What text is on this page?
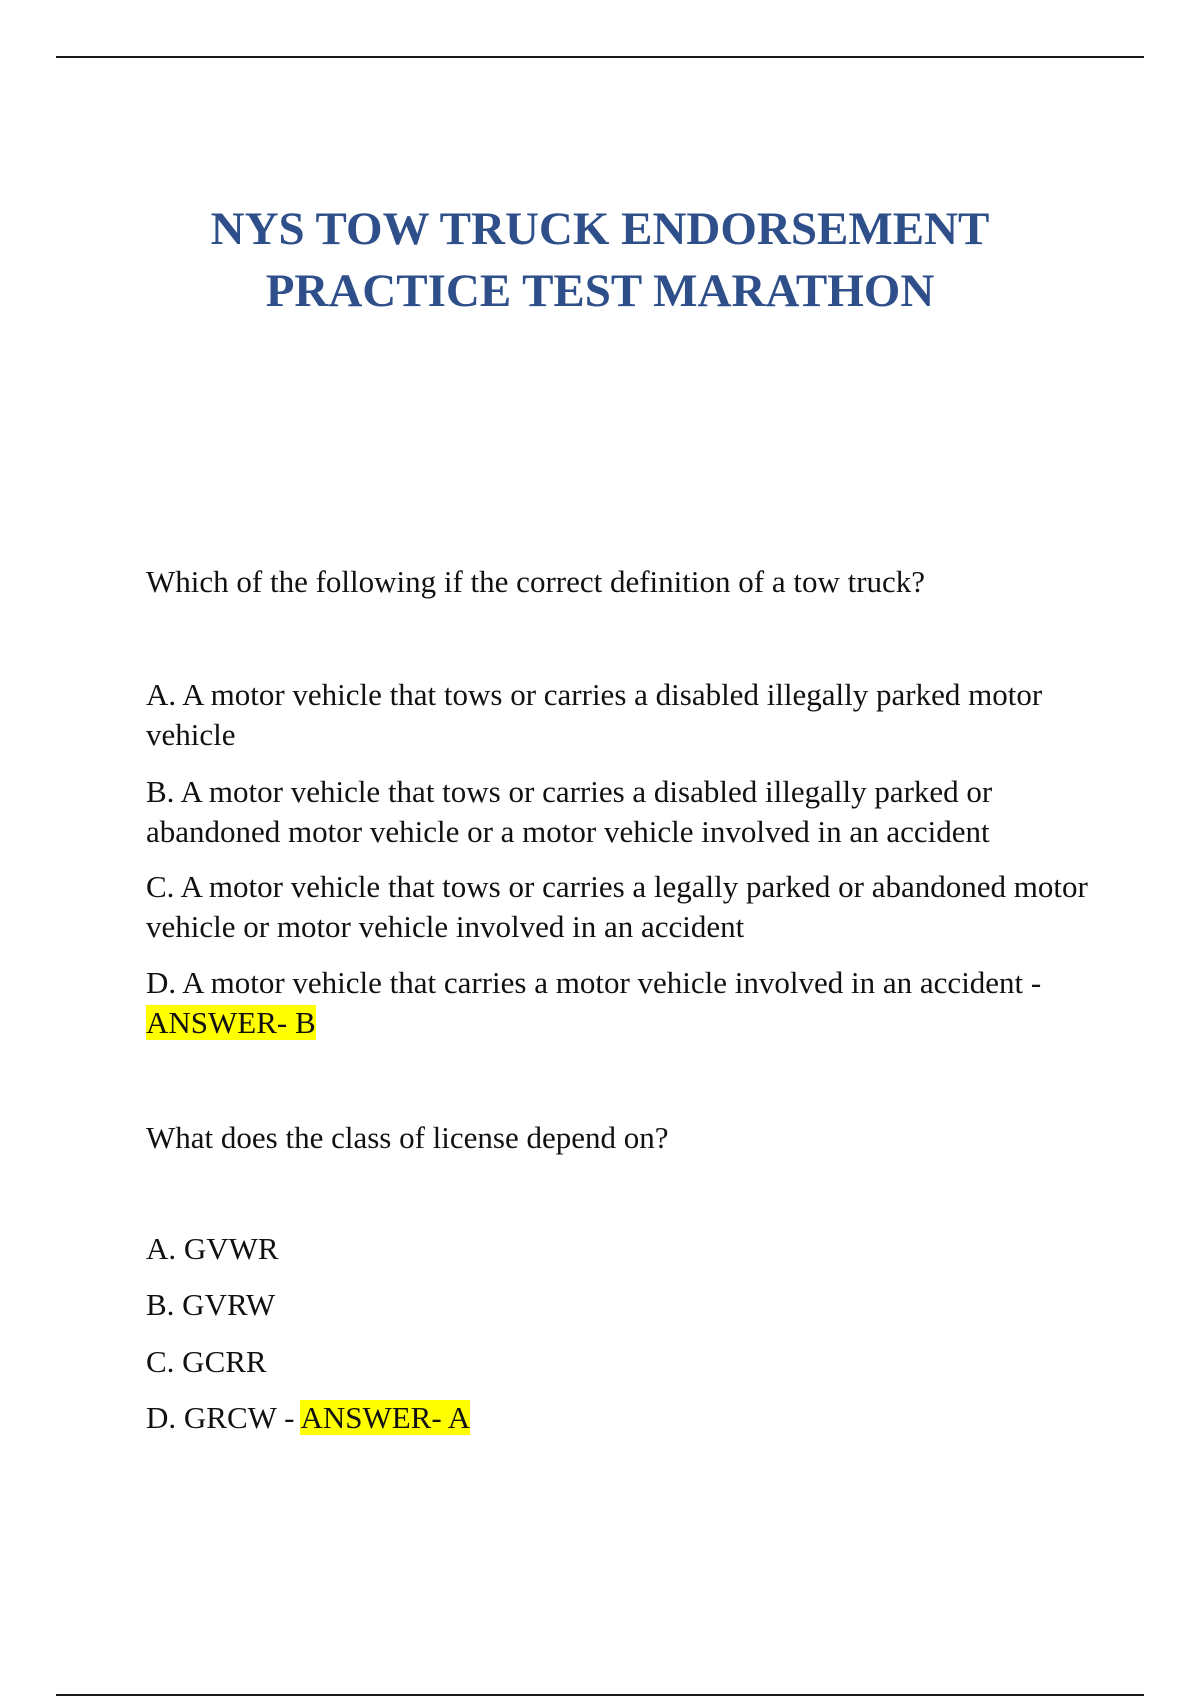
NYS TOW TRUCK ENDORSEMENT
PRACTICE TEST MARATHON

Which of the following if the correct definition of a tow truck?

A. A motor vehicle that tows or carries a disabled illegally parked motor vehicle

B. A motor vehicle that tows or carries a disabled illegally parked or abandoned motor vehicle or a motor vehicle involved in an accident

C. A motor vehicle that tows or carries a legally parked or abandoned motor vehicle or motor vehicle involved in an accident

D. A motor vehicle that carries a motor vehicle involved in an accident -
ANSWER- B

What does the class of license depend on?

A. GVWR

B. GVRW

C. GCRR

D. GRCW - ANSWER- A
